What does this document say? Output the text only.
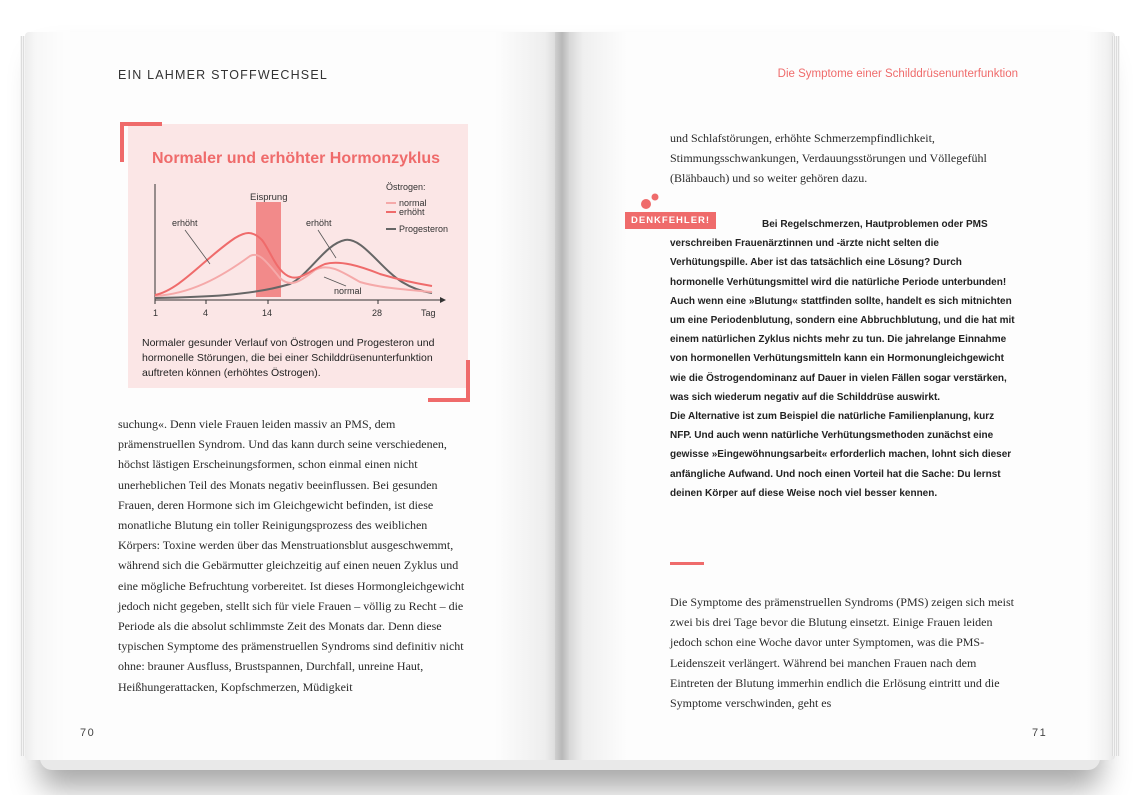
EIN LAHMER STOFFWECHSEL	Die Symptome einer Schilddrüsenunterfunktion
Normaler und erhöhter Hormonzyklus
Eisprung
erhöht	erhöht
normal
Östrogen:
normal
erhöht
Progesteron
1	4	14	28	Tag
Normaler gesunder Verlauf von Östrogen und Progesteron und hormonelle Störungen, die bei einer Schilddrüsenunterfunktion auftreten können (erhöhtes Östrogen).

suchung«. Denn viele Frauen leiden massiv an PMS, dem prämenstruellen Syndrom. Und das kann durch seine verschiedenen, höchst lästigen Erscheinungsformen, schon einmal einen nicht unerheblichen Teil des Monats negativ beeinflussen. Bei gesunden Frauen, deren Hormone sich im Gleichgewicht befinden, ist diese monatliche Blutung ein toller Reinigungsprozess des weiblichen Körpers: Toxine werden über das Menstruationsblut ausgeschwemmt, während sich die Gebärmutter gleichzeitig auf einen neuen Zyklus und eine mögliche Befruchtung vorbereitet. Ist dieses Hormongleichgewicht jedoch nicht gegeben, stellt sich für viele Frauen – völlig zu Recht – die Periode als die absolut schlimmste Zeit des Monats dar. Denn diese typischen Symptome des prämenstruellen Syndroms sind definitiv nicht ohne: brauner Ausfluss, Brustspannen, Durchfall, unreine Haut, Heißhungerattacken, Kopfschmerzen, Müdigkeit

und Schlafstörungen, erhöhte Schmerzempfindlichkeit, Stimmungsschwankungen, Verdauungsstörungen und Völlegefühl (Blähbauch) und so weiter gehören dazu.

DENKFEHLER!	Bei Regelschmerzen, Hautproblemen oder PMS verschreiben Frauenärztinnen und -ärzte nicht selten die Verhütungspille. Aber ist das tatsächlich eine Lösung? Durch hormonelle Verhütungsmittel wird die natürliche Periode unterbunden! Auch wenn eine »Blutung« stattfinden sollte, handelt es sich mitnichten um eine Periodenblutung, sondern eine Abbruchblutung, und die hat mit einem natürlichen Zyklus nichts mehr zu tun. Die jahrelange Einnahme von hormonellen Verhütungsmitteln kann ein Hormonungleichgewicht wie die Östrogendominanz auf Dauer in vielen Fällen sogar verstärken, was sich wiederum negativ auf die Schilddrüse auswirkt.

Die Alternative ist zum Beispiel die natürliche Familienplanung, kurz NFP. Und auch wenn natürliche Verhütungsmethoden zunächst eine gewisse »Eingewöhnungsarbeit« erforderlich machen, lohnt sich dieser anfängliche Aufwand. Und noch einen Vorteil hat die Sache: Du lernst deinen Körper auf diese Weise noch viel besser kennen.

Die Symptome des prämenstruellen Syndroms (PMS) zeigen sich meist zwei bis drei Tage bevor die Blutung einsetzt. Einige Frauen leiden jedoch schon eine Woche davor unter Symptomen, was die PMS-Leidenszeit verlängert. Während bei manchen Frauen nach dem Eintreten der Blutung immerhin endlich die Erlösung eintritt und die Symptome verschwinden, geht es

70	71
